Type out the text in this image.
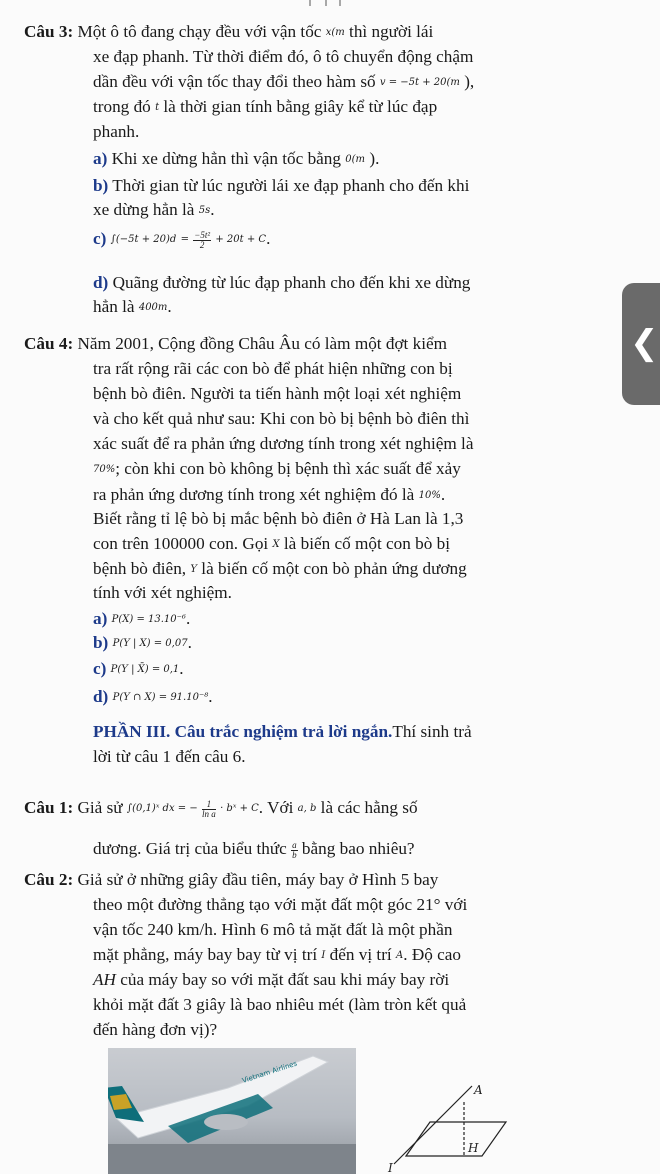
Câu 3: Một ô tô đang chạy đều với vận tốc x(m thì người lái
xe đạp phanh. Từ thời điểm đó, ô tô chuyển động chậm
dần đều với vận tốc thay đổi theo hàm số v = −5t + 20(m ),
trong đó t là thời gian tính bằng giây kể từ lúc đạp
phanh.
a) Khi xe dừng hẳn thì vận tốc bằng 0(m ).
b) Thời gian từ lúc người lái xe đạp phanh cho đến khi
xe dừng hẳn là 5s.
c) $\int(-5t + 20)d = \frac{\text{−5t²}}{2} + 20t + C$.
d) Quãng đường từ lúc đạp phanh cho đến khi xe dừng
hẳn là 400m.
Câu 4: Năm 2001, Cộng đồng Châu Âu có làm một đợt kiểm
tra rất rộng rãi các con bò để phát hiện những con bị
bệnh bò điên. Người ta tiến hành một loại xét nghiệm
và cho kết quả như sau: Khi con bò bị bệnh bò điên thì
xác suất để ra phản ứng dương tính trong xét nghiệm là
70%; còn khi con bò không bị bệnh thì xác suất để xảy
ra phản ứng dương tính trong xét nghiệm đó là 10%.
Biết rằng tỉ lệ bò bị mắc bệnh bò điên ở Hà Lan là 1,3
con trên 100000 con. Gọi X là biến cố một con bò bị
bệnh bò điên, Y là biến cố một con bò phản ứng dương
tính với xét nghiệm.
a) P(X) = 13.10⁻⁶.
b) P(Y | X) = 0,07.
c) P(Y | X̄) = 0,1.
d) P(Y ∩ X) = 91.10⁻⁸.
PHẦN III. Câu trắc nghiệm trả lời ngắn.Thí sinh trả
lời từ câu 1 đến câu 6.
Câu 1: Giả sử ∫(0,1)ˣ dx = − $\frac{1}{\text{ln a}}$ · bˣ + C. Với a, b là các hằng số
dương. Giá trị của biểu thức $\frac{a}{b}$ bằng bao nhiêu?
Câu 2: Giả sử ở những giây đầu tiên, máy bay ở Hình 5 bay
theo một đường thẳng tạo với mặt đất một góc 21° với
vận tốc 240 km/h. Hình 6 mô tả mặt đất là một phần
mặt phẳng, máy bay bay từ vị trí I đến vị trí A. Độ cao
AH của máy bay so với mặt đất sau khi máy bay rời
khỏi mặt đất 3 giây là bao nhiêu mét (làm tròn kết quả
đến hàng đơn vị)?
Vietnam Airlines
A
H
I
❮
